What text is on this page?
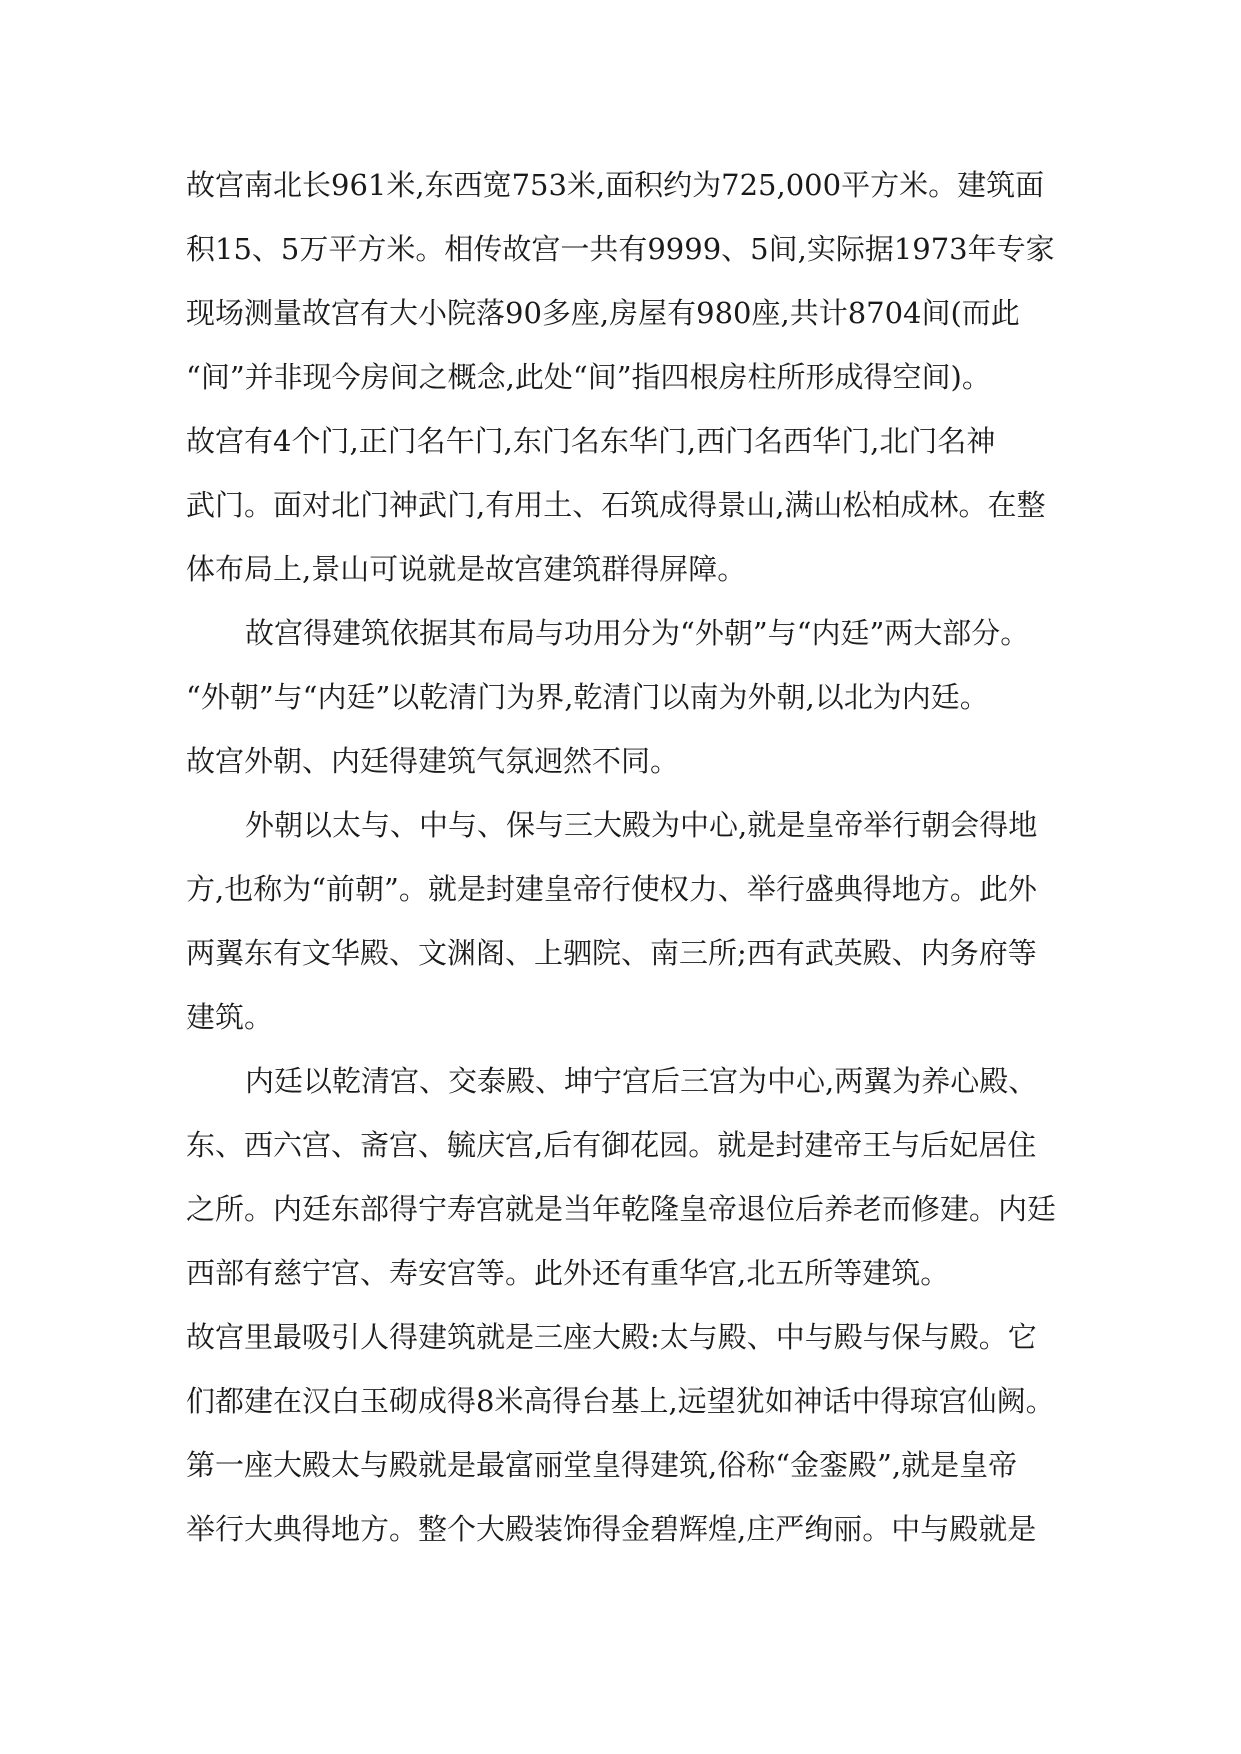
故宫南北长961米,东西宽753米,面积约为725,000平方米。建筑面
积15、5万平方米。相传故宫一共有9999、5间,实际据1973年专家
现场测量故宫有大小院落90多座,房屋有980座,共计8704间(而此
“间”并非现今房间之概念,此处“间”指四根房柱所形成得空间)。
故宫有4个门,正门名午门,东门名东华门,西门名西华门,北门名神
武门。面对北门神武门,有用土、石筑成得景山,满山松柏成林。在整
体布局上,景山可说就是故宫建筑群得屏障。
故宫得建筑依据其布局与功用分为“外朝”与“内廷”两大部分。
“外朝”与“内廷”以乾清门为界,乾清门以南为外朝,以北为内廷。
故宫外朝、内廷得建筑气氛迥然不同。
外朝以太与、中与、保与三大殿为中心,就是皇帝举行朝会得地
方,也称为“前朝”。就是封建皇帝行使权力、举行盛典得地方。此外
两翼东有文华殿、文渊阁、上驷院、南三所;西有武英殿、内务府等
建筑。
内廷以乾清宫、交泰殿、坤宁宫后三宫为中心,两翼为养心殿、
东、西六宫、斋宫、毓庆宫,后有御花园。就是封建帝王与后妃居住
之所。内廷东部得宁寿宫就是当年乾隆皇帝退位后养老而修建。内廷
西部有慈宁宫、寿安宫等。此外还有重华宫,北五所等建筑。
故宫里最吸引人得建筑就是三座大殿:太与殿、中与殿与保与殿。它
们都建在汉白玉砌成得8米高得台基上,远望犹如神话中得琼宫仙阙。
第一座大殿太与殿就是最富丽堂皇得建筑,俗称“金銮殿”,就是皇帝
举行大典得地方。整个大殿装饰得金碧辉煌,庄严绚丽。中与殿就是
